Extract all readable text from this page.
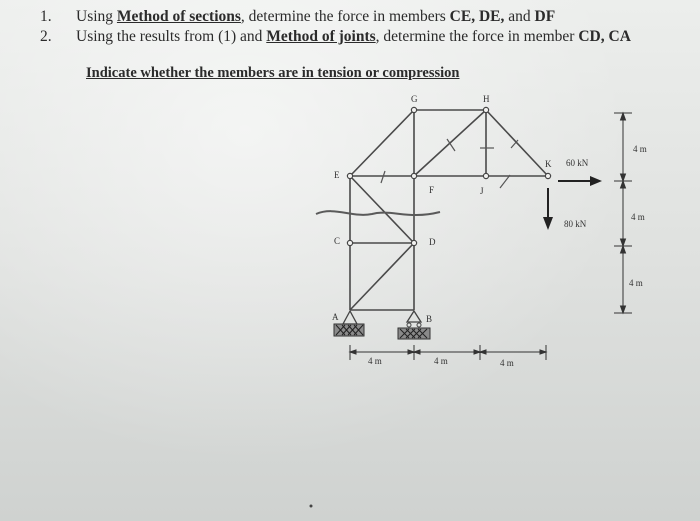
1. Using Method of sections, determine the force in members CE, DE, and DF
2. Using the results from (1) and Method of joints, determine the force in member CD, CA
Indicate whether the members are in tension or compression
G	H
K
E
F	J
C	D
A	B
60 kN
80 kN
4 m	4 m	4 m
4 m
4 m
4 m
